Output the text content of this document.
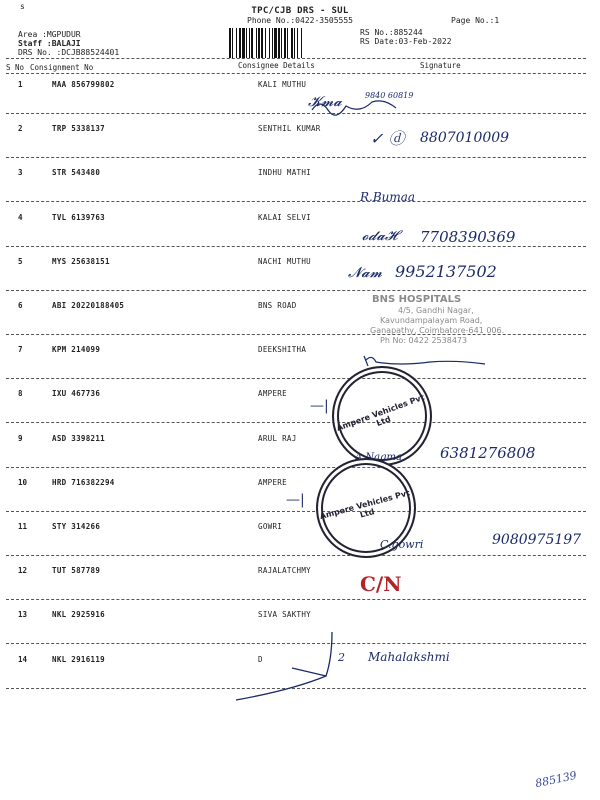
s	TPC/CJB DRS - SUL
Phone No.:0422-3505555	Page No.:1
RS No.:885244
RS Date:03-Feb-2022
Area :MGPUDUR
Staff :BALAJI
DRS No. :DCJB88524401
S No Consignment No	Consignee Details	Signature
1	MAA 856799802	KALI MUTHU
2	TRP 5338137	SENTHIL KUMAR
3	STR 543480	INDHU MATHI
4	TVL 6139763	KALAI SELVI
5	MYS 25638151	NACHI MUTHU
6	ABI 20220188405	BNS ROAD
7	KPM 214099	DEEKSHITHA
8	IXU 467736	AMPERE
9	ASD 3398211	ARUL RAJ
10	HRD 716382294	AMPERE
11	STY 314266	GOWRI
12	TUT 587789	RAJALATCHMY
13	NKL 2925916	SIVA SAKTHY
14	NKL 2916119	D
𝓚𝓶𝓪	9840 60819
✓ ⓓ 8807010009
R.Bumaa
𝓸𝓭𝓪𝓗 7708390369
𝓝𝓪𝓶 9952137502
BNS HOSPITALS
4/5, Gandhi Nagar,
Kavundampalayam Road,
Ganapathy, Coimbatore-641 006.
Ph No: 0422 2538473
Ampere Vehicles Pvt Ltd
—|
Ampere Vehicles Pvt Ltd
—|
A.Nagma	6381276808
C.gowri	9080975197
C/N
2 Mahalakshmi
885139
